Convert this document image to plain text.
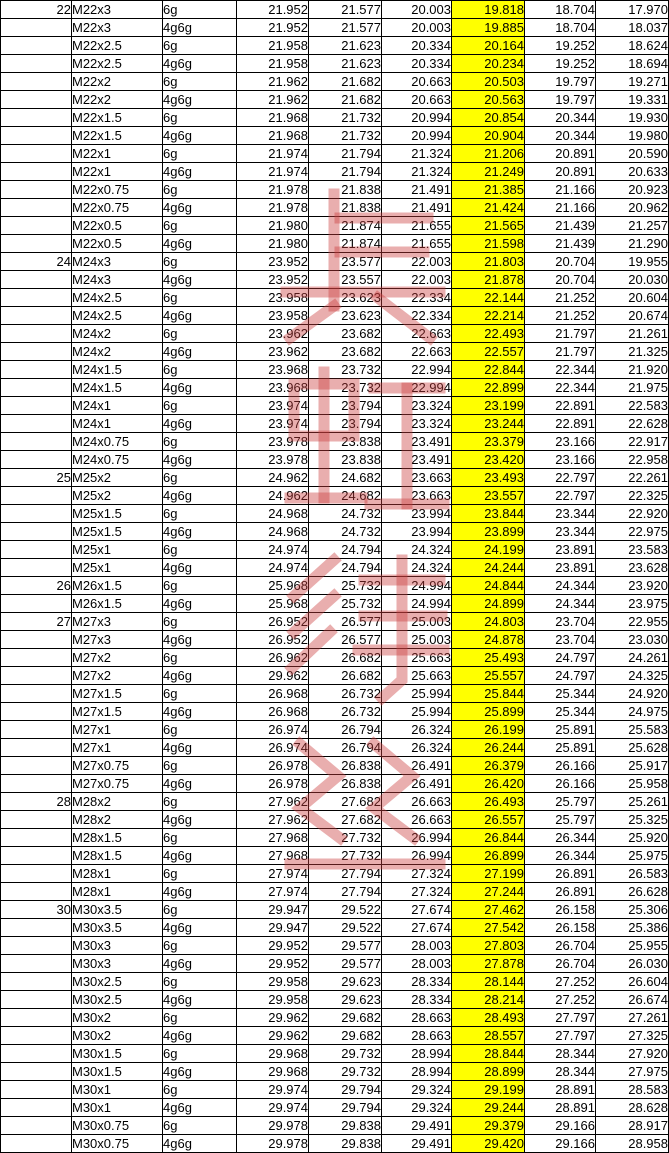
22	M22x3	6g	21.952	21.577	20.003	19.818	18.704	17.970
	M22x3	4g6g	21.952	21.577	20.003	19.885	18.704	18.037
	M22x2.5	6g	21.958	21.623	20.334	20.164	19.252	18.624
	M22x2.5	4g6g	21.958	21.623	20.334	20.234	19.252	18.694
	M22x2	6g	21.962	21.682	20.663	20.503	19.797	19.271
	M22x2	4g6g	21.962	21.682	20.663	20.563	19.797	19.331
	M22x1.5	6g	21.968	21.732	20.994	20.854	20.344	19.930
	M22x1.5	4g6g	21.968	21.732	20.994	20.904	20.344	19.980
	M22x1	6g	21.974	21.794	21.324	21.206	20.891	20.590
	M22x1	4g6g	21.974	21.794	21.324	21.249	20.891	20.633
	M22x0.75	6g	21.978	21.838	21.491	21.385	21.166	20.923
	M22x0.75	4g6g	21.978	21.838	21.491	21.424	21.166	20.962
	M22x0.5	6g	21.980	21.874	21.655	21.565	21.439	21.257
	M22x0.5	4g6g	21.980	21.874	21.655	21.598	21.439	21.290
24	M24x3	6g	23.952	23.577	22.003	21.803	20.704	19.955
	M24x3	4g6g	23.952	23.557	22.003	21.878	20.704	20.030
	M24x2.5	6g	23.958	23.623	22.334	22.144	21.252	20.604
	M24x2.5	4g6g	23.958	23.623	22.334	22.214	21.252	20.674
	M24x2	6g	23.962	23.682	22.663	22.493	21.797	21.261
	M24x2	4g6g	23.962	23.682	22.663	22.557	21.797	21.325
	M24x1.5	6g	23.968	23.732	22.994	22.844	22.344	21.920
	M24x1.5	4g6g	23.968	23.732	22.994	22.899	22.344	21.975
	M24x1	6g	23.974	23.794	23.324	23.199	22.891	22.583
	M24x1	4g6g	23.974	23.794	23.324	23.244	22.891	22.628
	M24x0.75	6g	23.978	23.838	23.491	23.379	23.166	22.917
	M24x0.75	4g6g	23.978	23.838	23.491	23.420	23.166	22.958
25	M25x2	6g	24.962	24.682	23.663	23.493	22.797	22.261
	M25x2	4g6g	24.962	24.682	23.663	23.557	22.797	22.325
	M25x1.5	6g	24.968	24.732	23.994	23.844	23.344	22.920
	M25x1.5	4g6g	24.968	24.732	23.994	23.899	23.344	22.975
	M25x1	6g	24.974	24.794	24.324	24.199	23.891	23.583
	M25x1	4g6g	24.974	24.794	24.324	24.244	23.891	23.628
26	M26x1.5	6g	25.968	25.732	24.994	24.844	24.344	23.920
	M26x1.5	4g6g	25.968	25.732	24.994	24.899	24.344	23.975
27	M27x3	6g	26.952	26.577	25.003	24.803	23.704	22.955
	M27x3	4g6g	26.952	26.577	25.003	24.878	23.704	23.030
	M27x2	6g	26.962	26.682	25.663	25.493	24.797	24.261
	M27x2	4g6g	29.962	26.682	25.663	25.557	24.797	24.325
	M27x1.5	6g	26.968	26.732	25.994	25.844	25.344	24.920
	M27x1.5	4g6g	26.968	26.732	25.994	25.899	25.344	24.975
	M27x1	6g	26.974	26.794	26.324	26.199	25.891	25.583
	M27x1	4g6g	26.974	26.794	26.324	26.244	25.891	25.628
	M27x0.75	6g	26.978	26.838	26.491	26.379	26.166	25.917
	M27x0.75	4g6g	26.978	26.838	26.491	26.420	26.166	25.958
28	M28x2	6g	27.962	27.682	26.663	26.493	25.797	25.261
	M28x2	4g6g	27.962	27.682	26.663	26.557	25.797	25.325
	M28x1.5	6g	27.968	27.732	26.994	26.844	26.344	25.920
	M28x1.5	4g6g	27.968	27.732	26.994	26.899	26.344	25.975
	M28x1	6g	27.974	27.794	27.324	27.199	26.891	26.583
	M28x1	4g6g	27.974	27.794	27.324	27.244	26.891	26.628
30	M30x3.5	6g	29.947	29.522	27.674	27.462	26.158	25.306
	M30x3.5	4g6g	29.947	29.522	27.674	27.542	26.158	25.386
	M30x3	6g	29.952	29.577	28.003	27.803	26.704	25.955
	M30x3	4g6g	29.952	29.577	28.003	27.878	26.704	26.030
	M30x2.5	6g	29.958	29.623	28.334	28.144	27.252	26.604
	M30x2.5	4g6g	29.958	29.623	28.334	28.214	27.252	26.674
	M30x2	6g	29.962	29.682	28.663	28.493	27.797	27.261
	M30x2	4g6g	29.962	29.682	28.663	28.557	27.797	27.325
	M30x1.5	6g	29.968	29.732	28.994	28.844	28.344	27.920
	M30x1.5	4g6g	29.968	29.732	28.994	28.899	28.344	27.975
	M30x1	6g	29.974	29.794	29.324	29.199	28.891	28.583
	M30x1	4g6g	29.974	29.794	29.324	29.244	28.891	28.628
	M30x0.75	6g	29.978	29.838	29.491	29.379	29.166	28.917
	M30x0.75	4g6g	29.978	29.838	29.491	29.420	29.166	28.958
